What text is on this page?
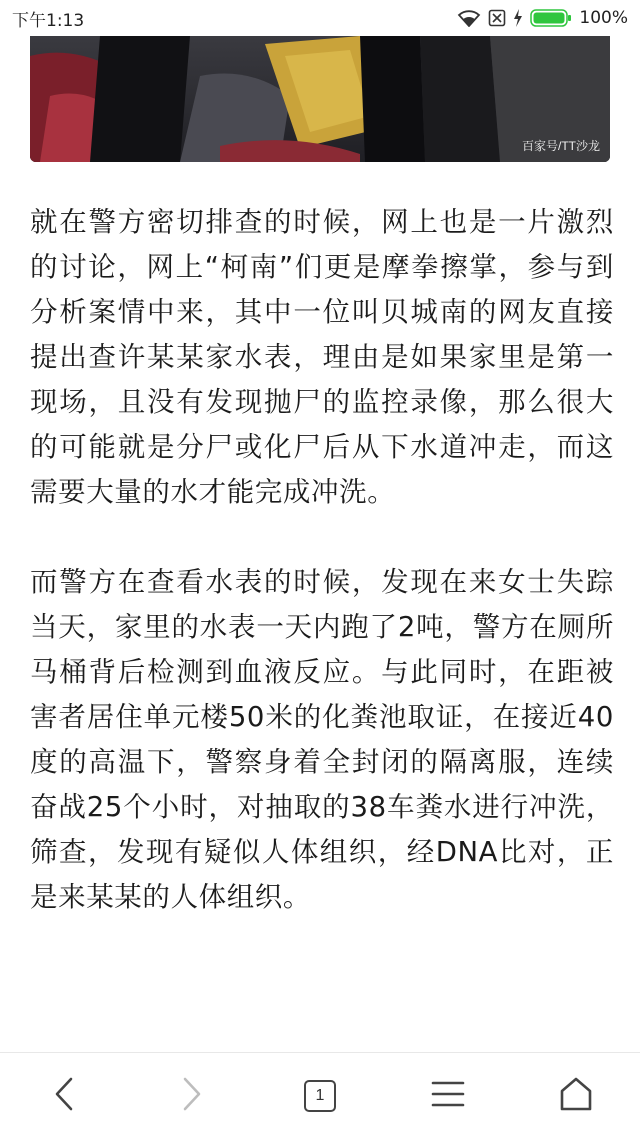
下午1:13	100%
百家号/TT沙龙

就在警方密切排查的时候，网上也是一片激烈的讨论，网上“柯南”们更是摩拳擦掌，参与到分析案情中来，其中一位叫贝城南的网友直接提出查许某某家水表，理由是如果家里是第一现场，且没有发现抛尸的监控录像，那么很大的可能就是分尸或化尸后从下水道冲走，而这需要大量的水才能完成冲洗。

而警方在查看水表的时候，发现在来女士失踪当天，家里的水表一天内跑了2吨，警方在厕所马桶背后检测到血液反应。与此同时，在距被害者居住单元楼50米的化粪池取证，在接近40度的高温下，警察身着全封闭的隔离服，连续奋战25个小时，对抽取的38车粪水进行冲洗，筛查，发现有疑似人体组织，经DNA比对，正是来某某的人体组织。

1
